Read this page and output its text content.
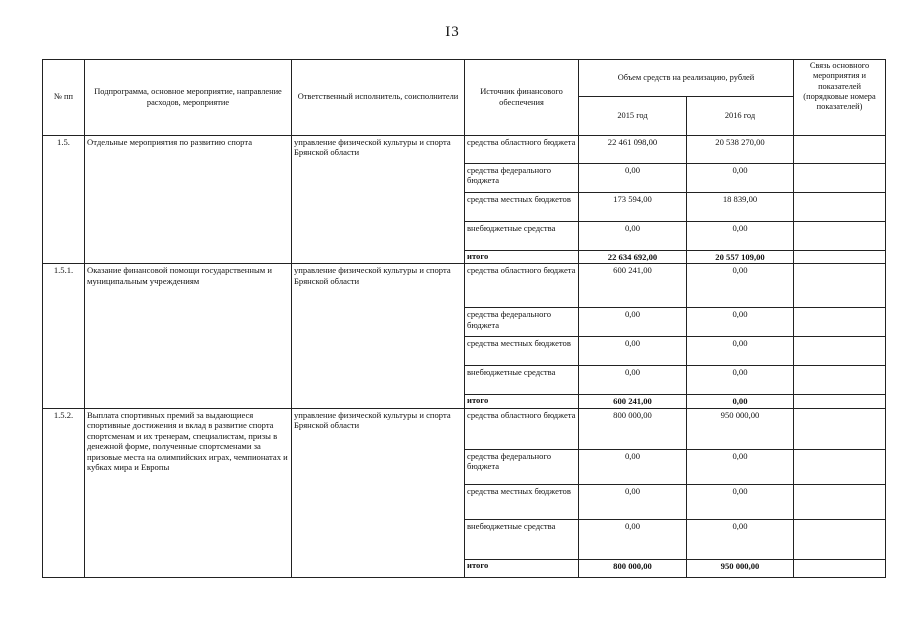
I3
№ пп	Подпрограмма, основное мероприятие, направление расходов, мероприятие	Ответственный исполнитель, соисполнители	Источник финансового обеспечения	Объем средств на реализацию, рублей		Связь основного мероприятия и показателей (порядковые номера показателей)
				2015 год	2016 год	
1.5.	Отдельные мероприятия по развитию спорта	управление физической культуры и спорта Брянской области	средства областного бюджета	22 461 098,00	20 538 270,00	
			средства федерального бюджета	0,00	0,00	
			средства местных бюджетов	173 594,00	18 839,00	
			внебюджетные средства	0,00	0,00	
			итого	22 634 692,00	20 557 109,00	
1.5.1.	Оказание финансовой помощи государственным и муниципальным учреждениям	управление физической культуры и спорта Брянской области	средства областного бюджета	600 241,00	0,00	
			средства федерального бюджета	0,00	0,00	
			средства местных бюджетов	0,00	0,00	
			внебюджетные средства	0,00	0,00	
			итого	600 241,00	0,00	
1.5.2.	Выплата спортивных премий за выдающиеся спортивные достижения и вклад в развитие спорта спортсменам и их тренерам, специалистам, призы в денежной форме, полученные спортсменами за призовые места на олимпийских играх, чемпионатах и кубках мира и Европы	управление физической культуры и спорта Брянской области	средства областного бюджета	800 000,00	950 000,00	
			средства федерального бюджета	0,00	0,00	
			средства местных бюджетов	0,00	0,00	
			внебюджетные средства	0,00	0,00	
			итого	800 000,00	950 000,00	
